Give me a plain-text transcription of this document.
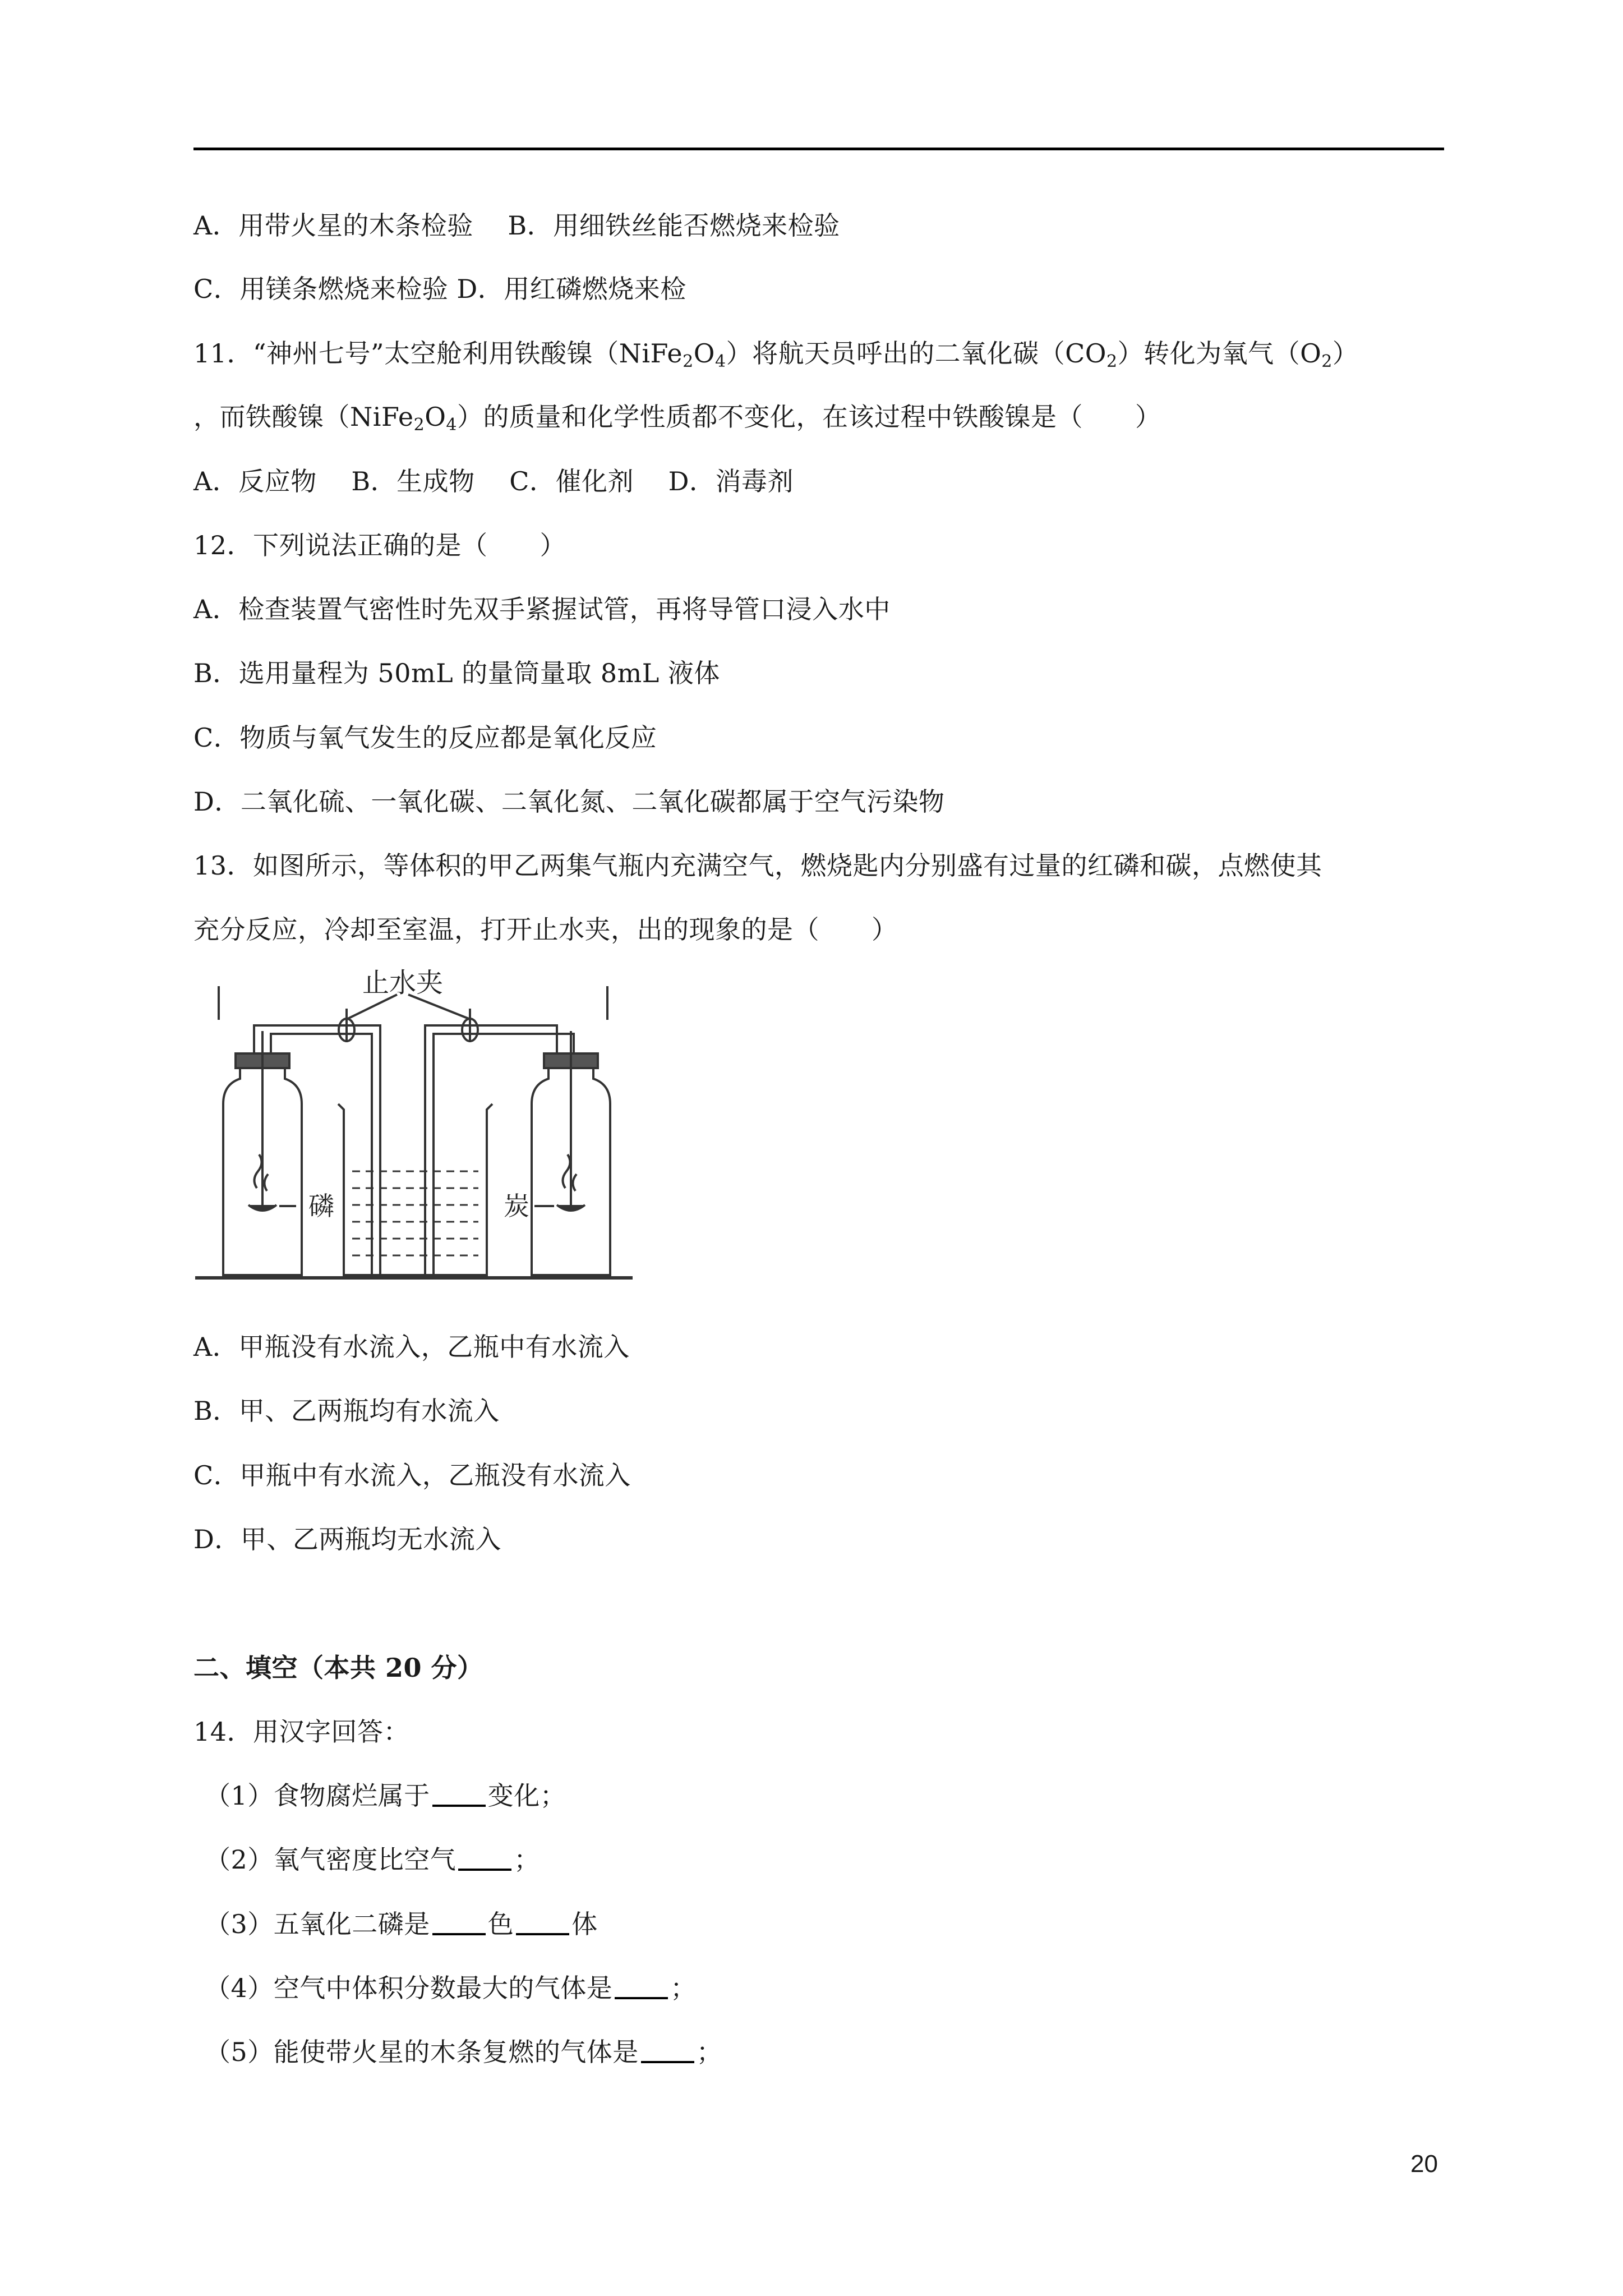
A．用带火星的木条检验　 B．用细铁丝能否燃烧来检验
C．用镁条燃烧来检验 D．用红磷燃烧来检
11．“神州七号”太空舱利用铁酸镍$(NiFe_2O_4)$将航天员呼出的二氧化碳$(CO_2)$转化为氧气$(O_2)$
，而铁酸镍$(NiFe_2O_4)$的质量和化学性质都不变化，在该过程中铁酸镍是（　　）
A．反应物　 B．生成物　 C．催化剂　 D．消毒剂
12．下列说法正确的是（　　）
A．检查装置气密性时先双手紧握试管，再将导管口浸入水中
B．选用量程为 50mL 的量筒量取 8mL 液体
C．物质与氧气发生的反应都是氧化反应
D．二氧化硫、一氧化碳、二氧化氮、二氧化碳都属于空气污染物
13．如图所示，等体积的甲乙两集气瓶内充满空气，燃烧匙内分别盛有过量的红磷和碳，点燃使其
充分反应，冷却至室温，打开止水夹，出的现象的是（　　）
止水夹
磷	炭
A．甲瓶没有水流入，乙瓶中有水流入
B．甲、乙两瓶均有水流入
C．甲瓶中有水流入，乙瓶没有水流入
D．甲、乙两瓶均无水流入
二、填空（本共 20 分）
14．用汉字回答：
（1）食物腐烂属于 变化；
（2）氧气密度比空气 ；
（3）五氧化二磷是 色 体
（4）空气中体积分数最大的气体是 ；
（5）能使带火星的木条复燃的气体是 ；
20
